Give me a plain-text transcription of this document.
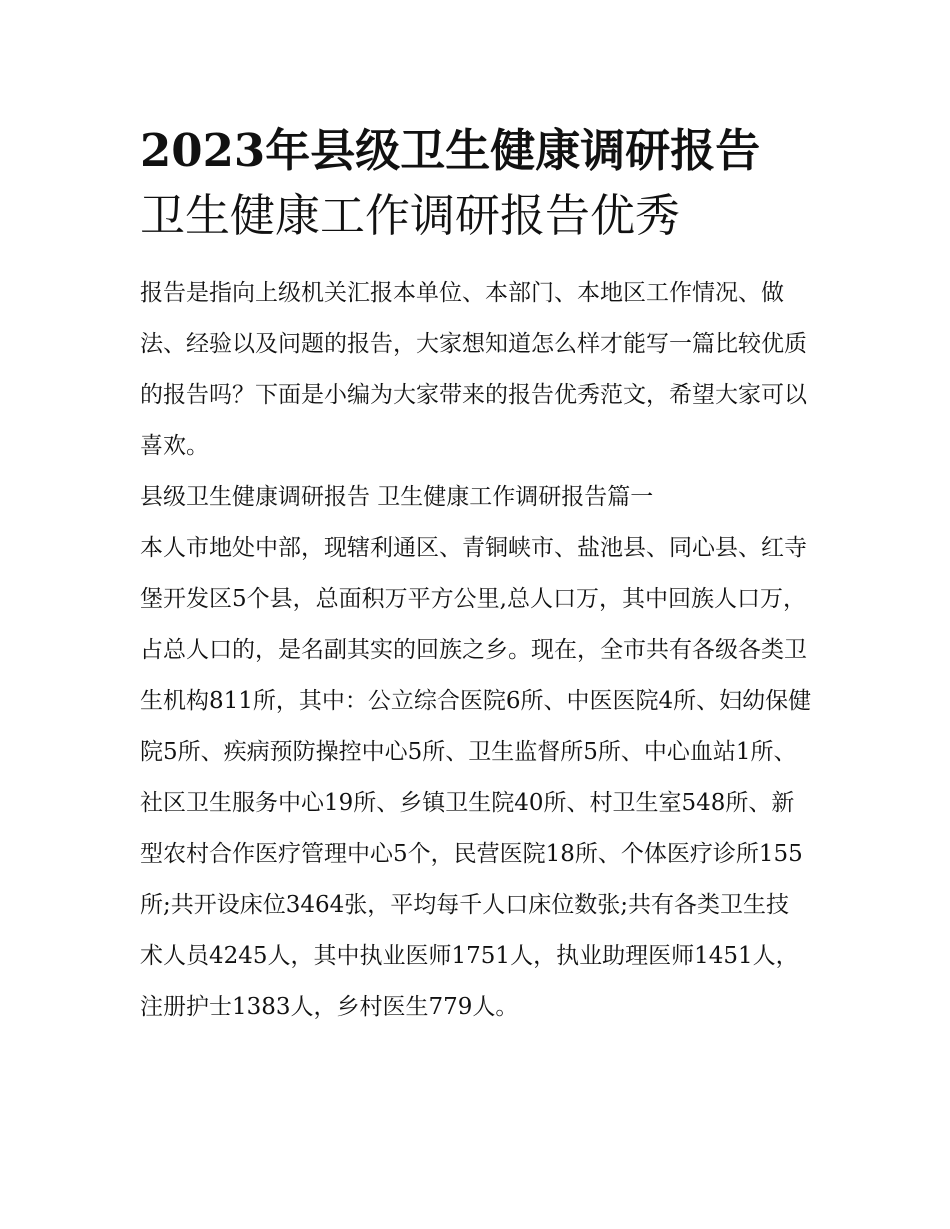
2023年县级卫生健康调研报告
卫生健康工作调研报告优秀

报告是指向上级机关汇报本单位、本部门、本地区工作情况、做法、经验以及问题的报告，大家想知道怎么样才能写一篇比较优质的报告吗？下面是小编为大家带来的报告优秀范文，希望大家可以喜欢。

县级卫生健康调研报告 卫生健康工作调研报告篇一

本人市地处中部，现辖利通区、青铜峡市、盐池县、同心县、红寺堡开发区5个县，总面积万平方公里,总人口万，其中回族人口万，占总人口的，是名副其实的回族之乡。现在，全市共有各级各类卫生机构811所，其中：公立综合医院6所、中医医院4所、妇幼保健院5所、疾病预防操控中心5所、卫生监督所5所、中心血站1所、社区卫生服务中心19所、乡镇卫生院40所、村卫生室548所、新型农村合作医疗管理中心5个，民营医院18所、个体医疗诊所155所;共开设床位3464张，平均每千人口床位数张;共有各类卫生技术人员4245人，其中执业医师1751人，执业助理医师1451人，注册护士1383人，乡村医生779人。
